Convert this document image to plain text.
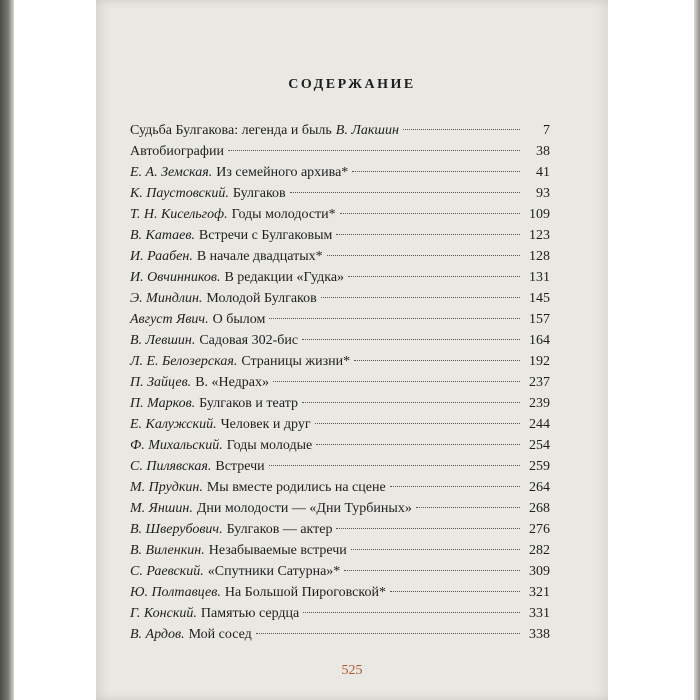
СОДЕРЖАНИЕ
Судьба Булгакова: легенда и быль В. Лакшин	7
Автобиографии	38
Е. А. Земская. Из семейного архива*	41
К. Паустовский. Булгаков	93
Т. Н. Кисельгоф. Годы молодости*	109
В. Катаев. Встречи с Булгаковым	123
И. Раабен. В начале двадцатых*	128
И. Овчинников. В редакции «Гудка»	131
Э. Миндлин. Молодой Булгаков	145
Август Явич. О былом	157
В. Левшин. Садовая 302-бис	164
Л. Е. Белозерская. Страницы жизни*	192
П. Зайцев. В. «Недрах»	237
П. Марков. Булгаков и театр	239
Е. Калужский. Человек и друг	244
Ф. Михальский. Годы молодые	254
С. Пилявская. Встречи	259
М. Прудкин. Мы вместе родились на сцене	264
М. Яншин. Дни молодости — «Дни Турбиных»	268
В. Шверубович. Булгаков — актер	276
В. Виленкин. Незабываемые встречи	282
С. Раевский. «Спутники Сатурна»*	309
Ю. Полтавцев. На Большой Пироговской*	321
Г. Конский. Памятью сердца	331
В. Ардов. Мой сосед	338
525
